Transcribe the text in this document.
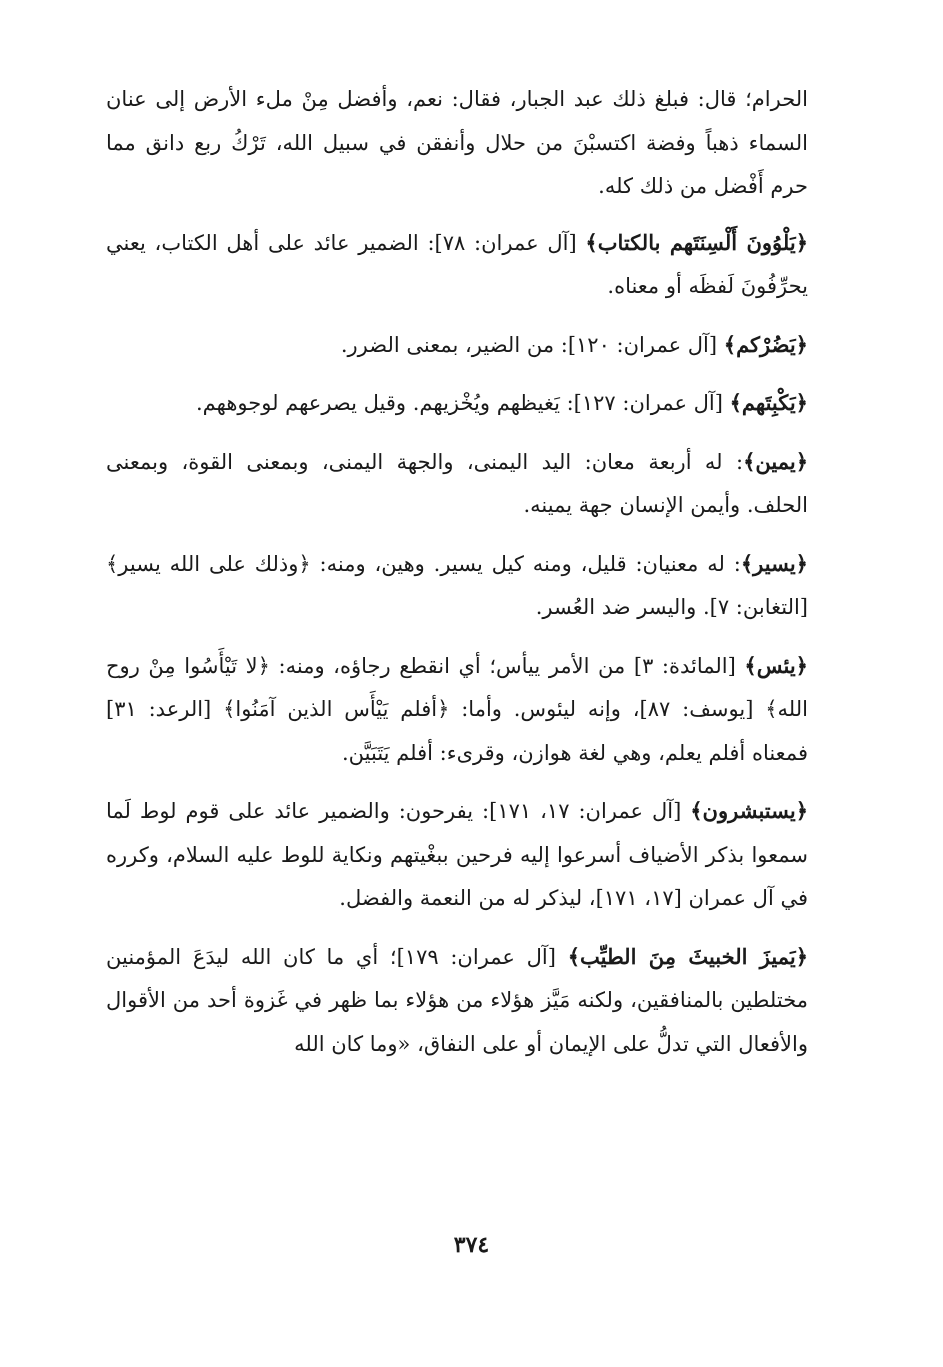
الحرام؛ قال: فبلغ ذلك عبد الجبار، فقال: نعم، وأفضل مِنْ ملء الأرض إلى عنان السماء ذهباً وفضة اكتسبْنَ من حلال وأنفقن في سبيل الله، تَرْكُ ربع دانق مما حرم أَفْضل من ذلك كله.

﴿يَلْوُونَ أَلْسِنَتَهم بالكتاب﴾ [آل عمران: ٧٨]: الضمير عائد على أهل الكتاب، يعني يحرِّفُونَ لَفظَه أو معناه.

﴿يَضُرْكم﴾ [آل عمران: ١٢٠]: من الضير، بمعنى الضرر.

﴿يَكْبِتَهم﴾ [آل عمران: ١٢٧]: يَغيظهم ويُخْزيهم. وقيل يصرعهم لوجوههم.

﴿يمين﴾: له أربعة معان: اليد اليمنى، والجهة اليمنى، وبمعنى القوة، وبمعنى الحلف. وأيمن الإنسان جهة يمينه.

﴿يسير﴾: له معنيان: قليل، ومنه كيل يسير. وهين، ومنه: ﴿وذلك على الله يسير﴾ [التغابن: ٧]. واليسر ضد العُسر.

﴿يئس﴾ [المائدة: ٣] من الأمر ييأس؛ أي انقطع رجاؤه، ومنه: ﴿لا تَيْأَسُوا مِنْ روح الله﴾ [يوسف: ٨٧]، وإنه ليئوس. وأما: ﴿أفلم يَيْأَس الذين آمَنُوا﴾ [الرعد: ٣١] فمعناه أفلم يعلم، وهي لغة هوازن، وقرىء: أفلم يَتَبَيَّن.

﴿يستبشرون﴾ [آل عمران: ١٧، ١٧١]: يفرحون: والضمير عائد على قوم لوط لَما سمعوا بذكر الأضياف أسرعوا إليه فرحين ببغْيتهم ونكاية للوط عليه السلام، وكرره في آل عمران [١٧، ١٧١]، ليذكر له من النعمة والفضل.

﴿يَميزَ الخبيثَ مِنَ الطيِّب﴾ [آل عمران: ١٧٩]؛ أي ما كان الله ليدَعَ المؤمنين مختلطين بالمنافقين، ولكنه مَيَّز هؤلاء من هؤلاء بما ظهر في غَزوة أحد من الأقوال والأفعال التي تدلُّ على الإيمان أو على النفاق، «وما كان الله

٣٧٤
